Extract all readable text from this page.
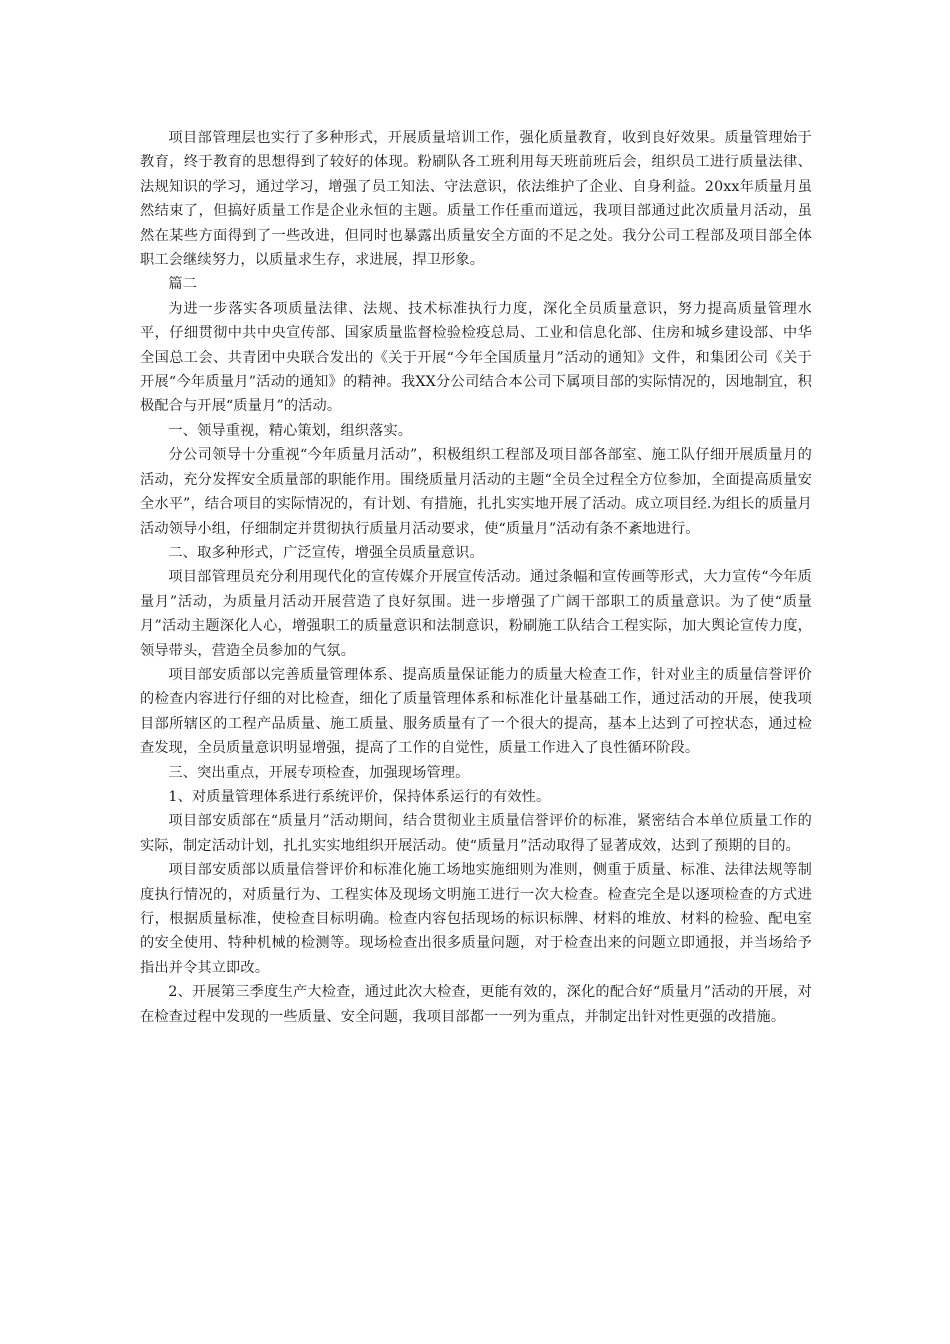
项目部管理层也实行了多种形式，开展质量培训工作，强化质量教育，收到良好效果。质量管理始于教育，终于教育的思想得到了较好的体现。粉刷队各工班利用每天班前班后会，组织员工进行质量法律、法规知识的学习，通过学习，增强了员工知法、守法意识，依法维护了企业、自身利益。20xx年质量月虽然结束了，但搞好质量工作是企业永恒的主题。质量工作任重而道远，我项目部通过此次质量月活动，虽然在某些方面得到了一些改进，但同时也暴露出质量安全方面的不足之处。我分公司工程部及项目部全体职工会继续努力，以质量求生存，求进展，捍卫形象。

篇二

为进一步落实各项质量法律、法规、技术标准执行力度，深化全员质量意识，努力提高质量管理水平，仔细贯彻中共中央宣传部、国家质量监督检验检疫总局、工业和信息化部、住房和城乡建设部、中华全国总工会、共青团中央联合发出的《关于开展“今年全国质量月”活动的通知》文件，和集团公司《关于开展“今年质量月”活动的通知》的精神。我XX分公司结合本公司下属项目部的实际情况的，因地制宜，积极配合与开展“质量月”的活动。

一、领导重视，精心策划，组织落实。

分公司领导十分重视“今年质量月活动”，积极组织工程部及项目部各部室、施工队仔细开展质量月的活动，充分发挥安全质量部的职能作用。围绕质量月活动的主题“全员全过程全方位参加，全面提高质量安全水平”，结合项目的实际情况的，有计划、有措施，扎扎实实地开展了活动。成立项目经.为组长的质量月活动领导小组，仔细制定并贯彻执行质量月活动要求，使“质量月”活动有条不紊地进行。

二、取多种形式，广泛宣传，增强全员质量意识。

项目部管理员充分利用现代化的宣传媒介开展宣传活动。通过条幅和宣传画等形式，大力宣传“今年质量月”活动，为质量月活动开展营造了良好氛围。进一步增强了广阔干部职工的质量意识。为了使“质量月”活动主题深化人心，增强职工的质量意识和法制意识，粉刷施工队结合工程实际，加大舆论宣传力度，领导带头，营造全员参加的气氛。

项目部安质部以完善质量管理体系、提高质量保证能力的质量大检查工作，针对业主的质量信誉评价的检查内容进行仔细的对比检查，细化了质量管理体系和标准化计量基础工作，通过活动的开展，使我项目部所辖区的工程产品质量、施工质量、服务质量有了一个很大的提高，基本上达到了可控状态，通过检查发现，全员质量意识明显增强，提高了工作的自觉性，质量工作进入了良性循环阶段。

三、突出重点，开展专项检查，加强现场管理。

1、对质量管理体系进行系统评价，保持体系运行的有效性。

项目部安质部在“质量月”活动期间，结合贯彻业主质量信誉评价的标准，紧密结合本单位质量工作的实际，制定活动计划，扎扎实实地组织开展活动。使“质量月”活动取得了显著成效，达到了预期的目的。

项目部安质部以质量信誉评价和标准化施工场地实施细则为准则，侧重于质量、标准、法律法规等制度执行情况的，对质量行为、工程实体及现场文明施工进行一次大检查。检查完全是以逐项检查的方式进行，根据质量标准，使检查目标明确。检查内容包括现场的标识标牌、材料的堆放、材料的检验、配电室的安全使用、特种机械的检测等。现场检查出很多质量问题，对于检查出来的问题立即通报，并当场给予指出并令其立即改。

2、开展第三季度生产大检查，通过此次大检查，更能有效的，深化的配合好“质量月”活动的开展，对在检查过程中发现的一些质量、安全问题，我项目部都一一列为重点，并制定出针对性更强的改措施。
